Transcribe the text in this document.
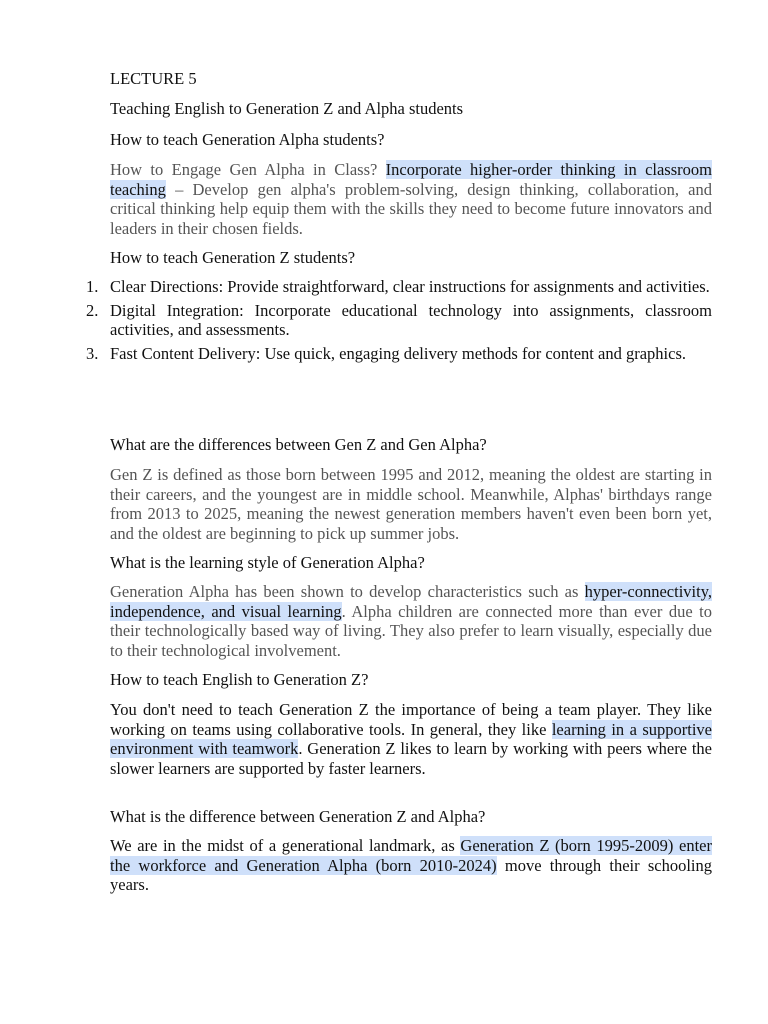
LECTURE 5
Teaching English to Generation Z and Alpha students
How to teach Generation Alpha students?

How to Engage Gen Alpha in Class? Incorporate higher-order thinking in classroom teaching – Develop gen alpha's problem-solving, design thinking, collaboration, and critical thinking help equip them with the skills they need to become future innovators and leaders in their chosen fields.

How to teach Generation Z students?
1. Clear Directions: Provide straightforward, clear instructions for assignments and activities.
2. Digital Integration: Incorporate educational technology into assignments, classroom activities, and assessments.
3. Fast Content Delivery: Use quick, engaging delivery methods for content and graphics.
What are the differences between Gen Z and Gen Alpha?

Gen Z is defined as those born between 1995 and 2012, meaning the oldest are starting in their careers, and the youngest are in middle school. Meanwhile, Alphas' birthdays range from 2013 to 2025, meaning the newest generation members haven't even been born yet, and the oldest are beginning to pick up summer jobs.

What is the learning style of Generation Alpha?

Generation Alpha has been shown to develop characteristics such as hyper-connectivity, independence, and visual learning. Alpha children are connected more than ever due to their technologically based way of living. They also prefer to learn visually, especially due to their technological involvement.

How to teach English to Generation Z?

You don't need to teach Generation Z the importance of being a team player. They like working on teams using collaborative tools. In general, they like learning in a supportive environment with teamwork. Generation Z likes to learn by working with peers where the slower learners are supported by faster learners.

What is the difference between Generation Z and Alpha?

We are in the midst of a generational landmark, as Generation Z (born 1995-2009) enter the workforce and Generation Alpha (born 2010-2024) move through their schooling years.
